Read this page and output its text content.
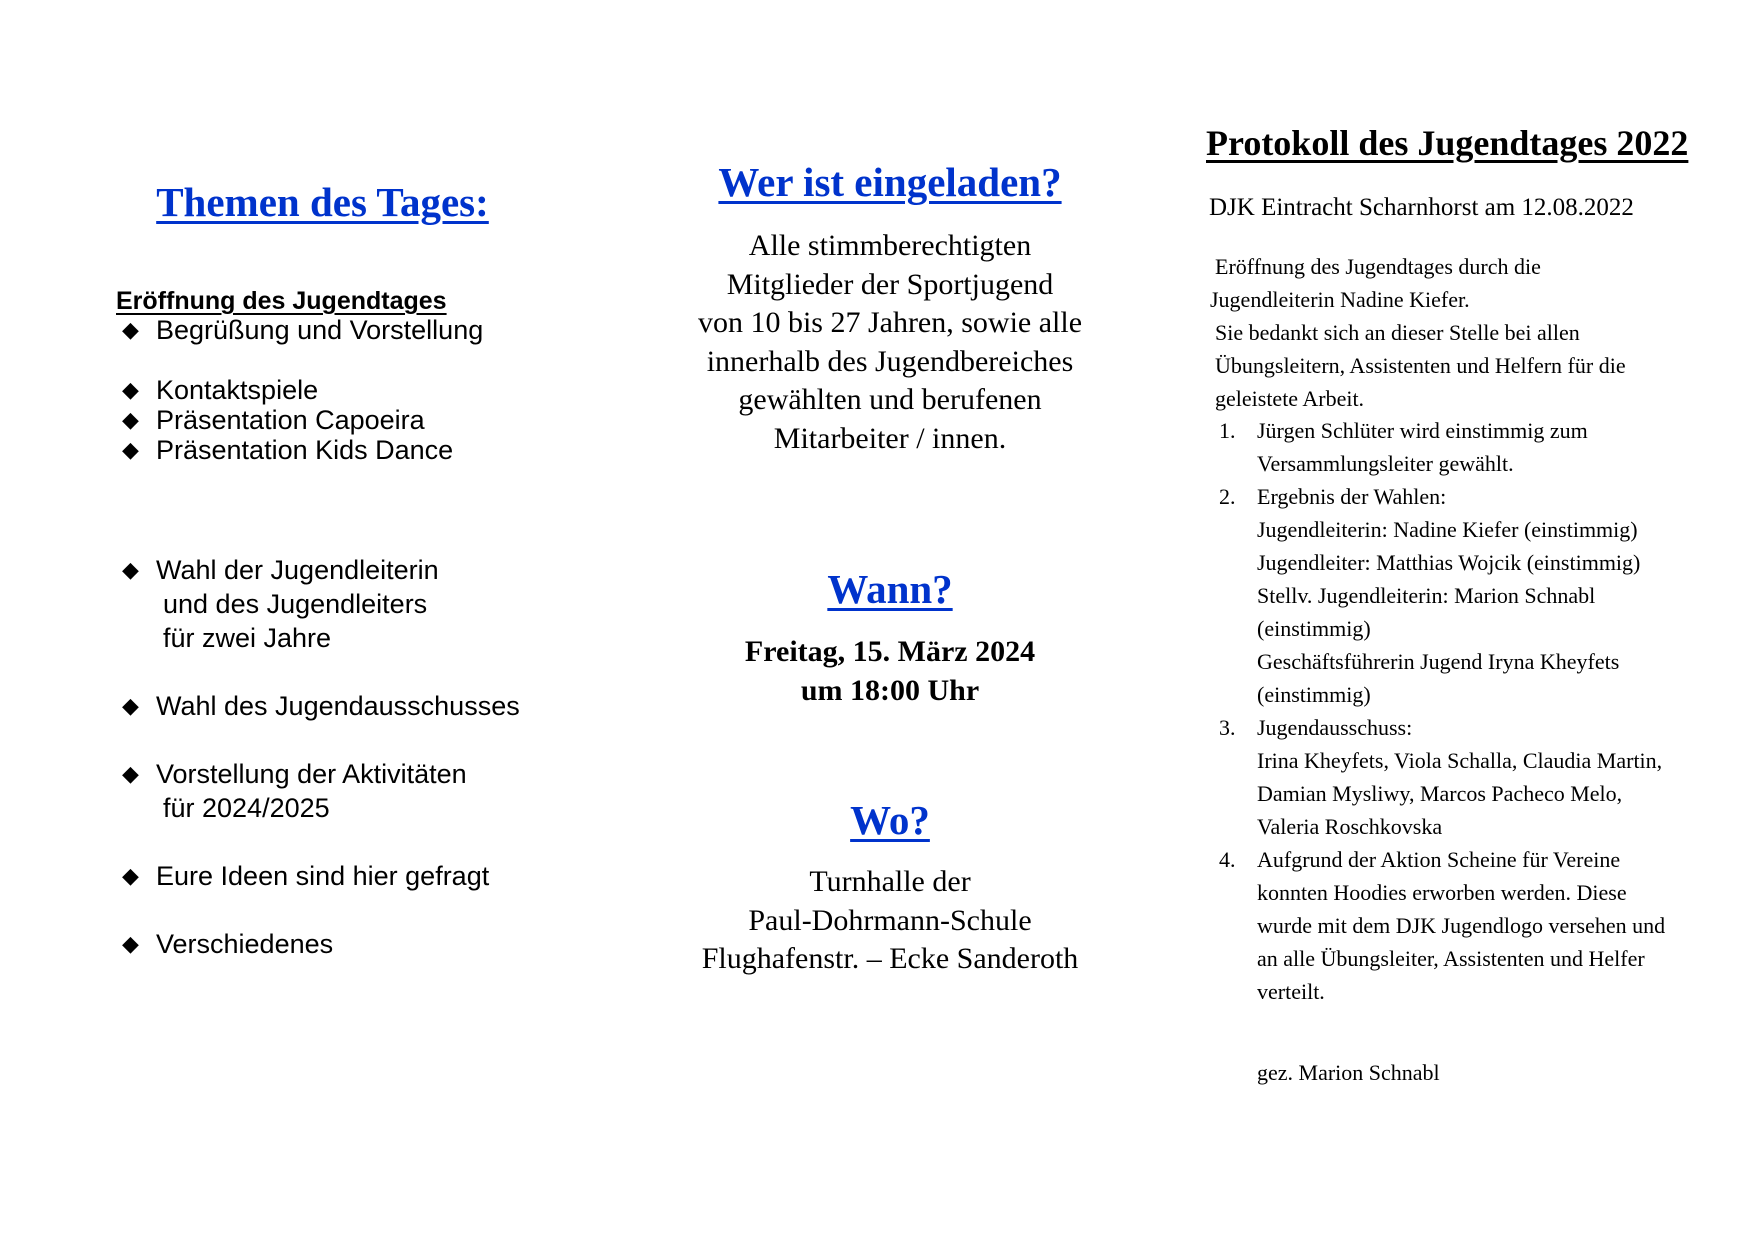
Themen des Tages:
Eröffnung des Jugendtages
◆ Begrüßung und Vorstellung
◆ Kontaktspiele
◆ Präsentation Capoeira
◆ Präsentation Kids Dance
◆ Wahl der Jugendleiterin
und des Jugendleiters
für zwei Jahre
◆ Wahl des Jugendausschusses
◆ Vorstellung der Aktivitäten
für 2024/2025
◆ Eure Ideen sind hier gefragt
◆ Verschiedenes
Wer ist eingeladen?
Alle stimmberechtigten
Mitglieder der Sportjugend
von 10 bis 27 Jahren, sowie alle
innerhalb des Jugendbereiches
gewählten und berufenen
Mitarbeiter / innen.
Wann?
Freitag, 15. März 2024
um 18:00 Uhr
Wo?
Turnhalle der
Paul-Dohrmann-Schule
Flughafenstr. – Ecke Sanderoth
Protokoll des Jugendtages 2022
DJK Eintracht Scharnhorst am 12.08.2022
Eröffnung des Jugendtages durch die
Jugendleiterin Nadine Kiefer.
Sie bedankt sich an dieser Stelle bei allen
Übungsleitern, Assistenten und Helfern für die
geleistete Arbeit.
1. Jürgen Schlüter wird einstimmig zum
Versammlungsleiter gewählt.
2. Ergebnis der Wahlen:
Jugendleiterin: Nadine Kiefer (einstimmig)
Jugendleiter: Matthias Wojcik (einstimmig)
Stellv. Jugendleiterin: Marion Schnabl
(einstimmig)
Geschäftsführerin Jugend Iryna Kheyfets
(einstimmig)
3. Jugendausschuss:
Irina Kheyfets, Viola Schalla, Claudia Martin,
Damian Mysliwy, Marcos Pacheco Melo,
Valeria Roschkovska
4. Aufgrund der Aktion Scheine für Vereine
konnten Hoodies erworben werden. Diese
wurde mit dem DJK Jugendlogo versehen und
an alle Übungsleiter, Assistenten und Helfer
verteilt.
gez. Marion Schnabl
